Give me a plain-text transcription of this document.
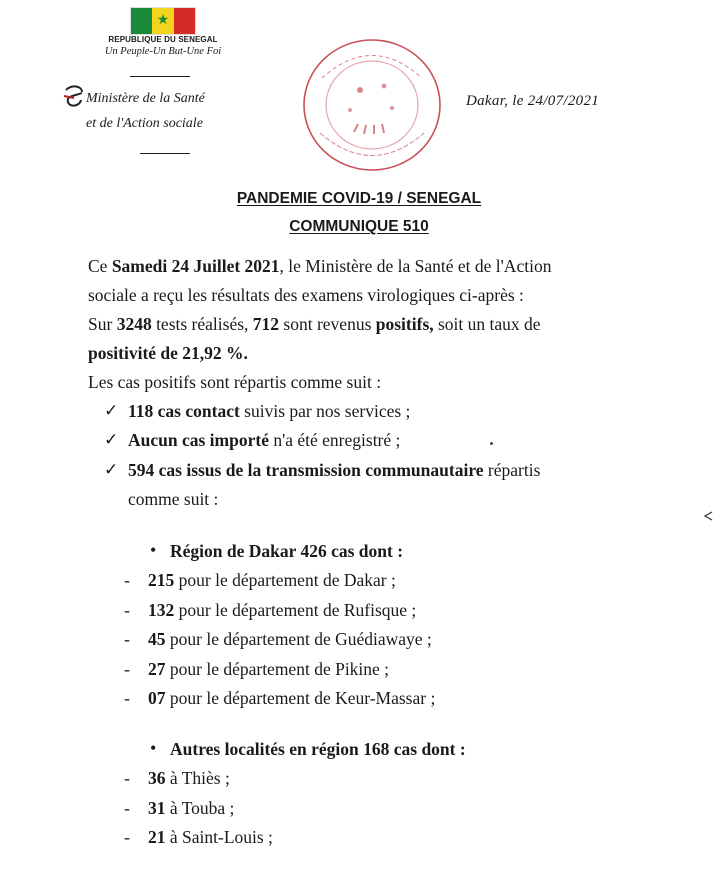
★
REPUBLIQUE DU SENEGAL
Un Peuple-Un But-Une Foi
Ministère de la Santé
et de l'Action sociale
Dakar, le 24/07/2021
PANDEMIE COVID-19 / SENEGAL
COMMUNIQUE 510
Ce Samedi 24 Juillet 2021, le Ministère de la Santé et de l'Action
sociale a reçu les résultats des examens virologiques ci-après :
Sur 3248 tests réalisés, 712 sont revenus positifs, soit un taux de
positivité de 21,92 %.
Les cas positifs sont répartis comme suit :
✓ 118 cas contact suivis par nos services ;
✓ Aucun cas importé n'a été enregistré ;
✓ 594 cas issus de la transmission communautaire répartis
comme suit :
• Région de Dakar 426 cas dont :
- 215 pour le département de Dakar ;
- 132 pour le département de Rufisque ;
- 45 pour le département de Guédiawaye ;
- 27 pour le département de Pikine ;
- 07 pour le département de Keur-Massar ;
• Autres localités en région 168 cas dont :
- 36 à Thiès ;
- 31 à Touba ;
- 21 à Saint-Louis ;
